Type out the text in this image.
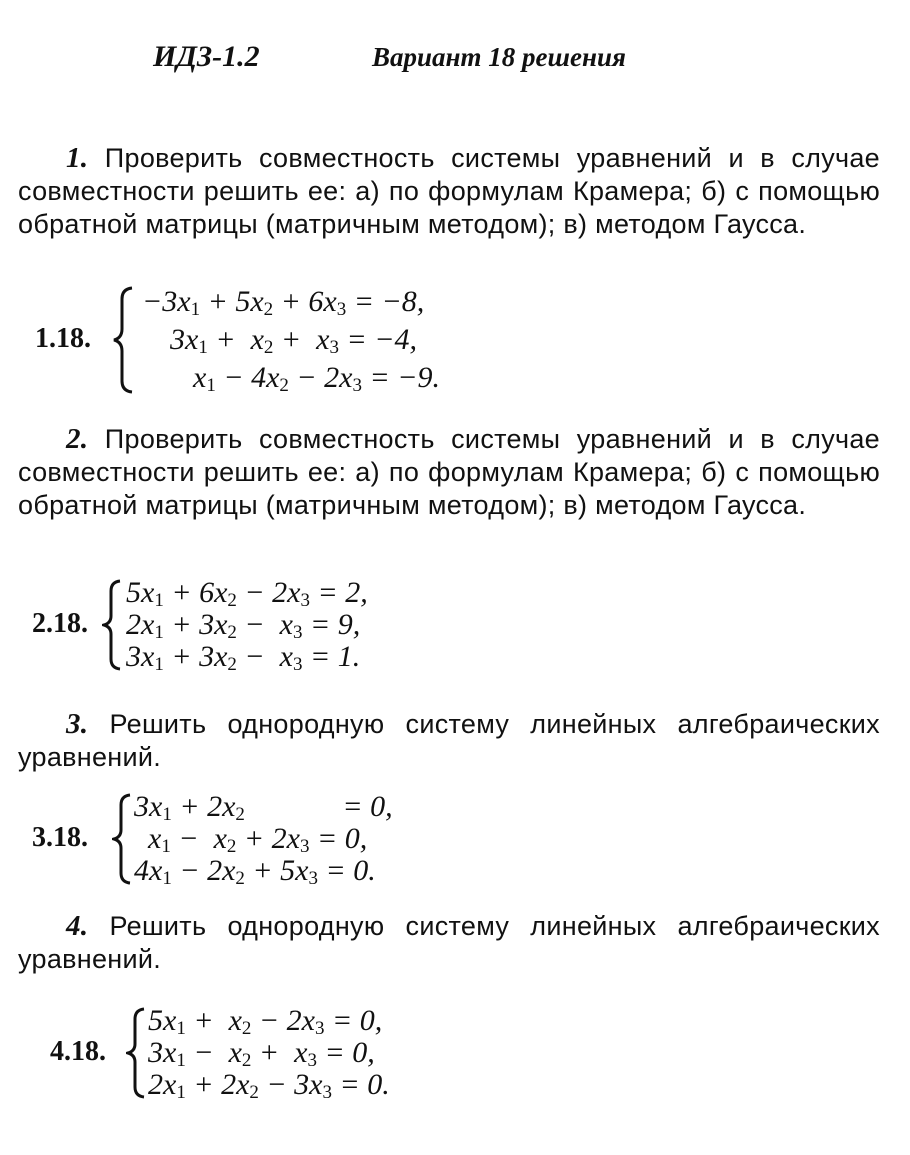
ИДЗ-1.2	Вариант 18 решения

1. Проверить совместность системы уравнений и в случае совместности решить ее: а) по формулам Крамера; б) с помощью обратной матрицы (матричным методом); в) методом Гаусса.

1.18.
$-3x_1 + 5x_2 + 6x_3 = -8$,
$3x_1 + x_2 + x_3 = -4$,
$x_1 - 4x_2 - 2x_3 = -9$.

2. Проверить совместность системы уравнений и в случае совместности решить ее: а) по формулам Крамера; б) с помощью обратной матрицы (матричным методом); в) методом Гаусса.

2.18.
$5x_1 + 6x_2 - 2x_3 = 2$,
$2x_1 + 3x_2 - x_3 = 9$,
$3x_1 + 3x_2 - x_3 = 1$.

3. Решить однородную систему линейных алгебраических уравнений.

3.18.
$3x_1 + 2x_2$             = 0,
$x_1 - x_2 + 2x_3 = 0$,
$4x_1 - 2x_2 + 5x_3 = 0$.

4. Решить однородную систему линейных алгебраических уравнений.

4.18.
$5x_1 + x_2 - 2x_3 = 0$,
$3x_1 - x_2 + x_3 = 0$,
$2x_1 + 2x_2 - 3x_3 = 0$.
